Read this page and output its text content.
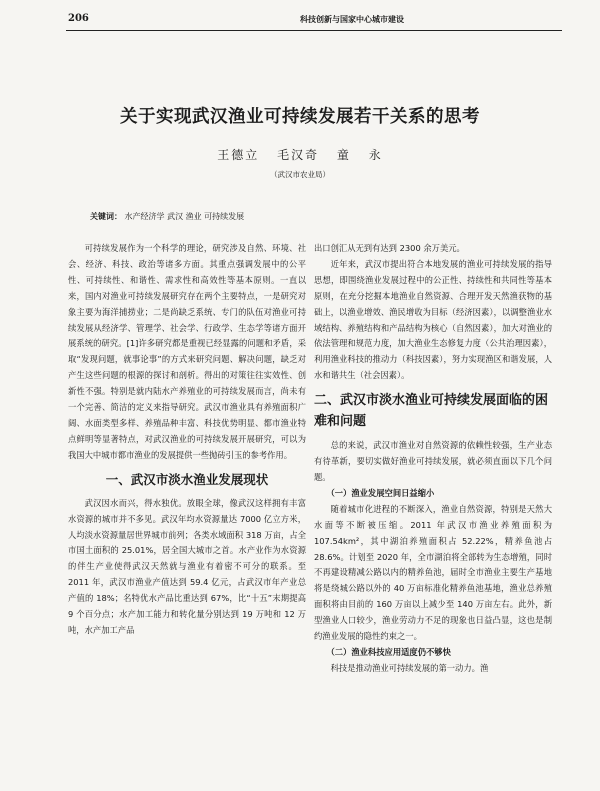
206	科技创新与国家中心城市建设
关于实现武汉渔业可持续发展若干关系的思考
王德立 毛汉奇 童 永
（武汉市农业局）
关键词： 水产经济学 武汉 渔业 可持续发展

可持续发展作为一个科学的理论，研究涉及自然、环境、社会、经济、科技、政治等诸多方面。其重点强调发展中的公平性、可持续性、和谐性、需求性和高效性等基本原则。一直以来，国内对渔业可持续发展研究存在两个主要特点，一是研究对象主要为海洋捕捞业；二是尚缺乏系统、专门的队伍对渔业可持续发展从经济学、管理学、社会学、行政学、生态学等诸方面开展系统的研究。[1]许多研究都是重视已经显露的问题和矛盾，采取“发现问题，就事论事”的方式来研究问题、解决问题，缺乏对产生这些问题的根源的探讨和剖析。得出的对策往往实效性、创新性不强。特别是就内陆水产养殖业的可持续发展而言，尚未有一个完善、简洁的定义来指导研究。武汉市渔业具有养殖面积广阔、水面类型多样、养殖品种丰富、科技优势明显、都市渔业特点鲜明等显著特点，对武汉渔业的可持续发展开展研究，可以为我国大中城市都市渔业的发展提供一些抛砖引玉的参考作用。

一、武汉市淡水渔业发展现状

武汉因水而兴，得水独优。放眼全球，像武汉这样拥有丰富水资源的城市并不多见。武汉年均水资源量达 7000 亿立方米，人均淡水资源量居世界城市前列；各类水域面积 318 万亩，占全市国土面积的 25.01%，居全国大城市之首。水产业作为水资源的伴生产业使得武汉天然就与渔业有着密不可分的联系。至 2011 年，武汉市渔业产值达到 59.4 亿元，占武汉市年产业总产值的 18%；名特优水产品比重达到 67%，比“十五”末期提高 9 个百分点；水产加工能力和转化量分别达到 19 万吨和 12 万吨，水产加工产品

出口创汇从无到有达到 2300 余万美元。

近年来，武汉市提出符合本地发展的渔业可持续发展的指导思想，即围绕渔业发展过程中的公正性、持续性和共同性等基本原则，在充分挖掘本地渔业自然资源、合理开发天然渔获物的基础上，以渔业增效、渔民增收为目标（经济因素），以调整渔业水域结构、养殖结构和产品结构为核心（自然因素），加大对渔业的依法管理和规范力度，加大渔业生态修复力度（公共治理因素），利用渔业科技的推动力（科技因素），努力实现渔区和谐发展，人水和谐共生（社会因素）。

二、武汉市淡水渔业可持续发展面临的困难和问题

总的来说，武汉市渔业对自然资源的依赖性较强，生产业态有待革新，要切实做好渔业可持续发展，就必须直面以下几个问题。

（一）渔业发展空间日益缩小

随着城市化进程的不断深入，渔业自然资源，特别是天然大水面等不断被压缩。2011 年武汉市渔业养殖面积为 107.54km²，其中湖泊养殖面积占 52.22%，精养鱼池占 28.6%。计划至 2020 年，全市湖泊将全部转为生态增殖，同时不再建设精减公路以内的精养鱼池，届时全市渔业主要生产基地将是绕城公路以外的 40 万亩标准化精养鱼池基地，渔业总养殖面积将由目前的 160 万亩以上减少至 140 万亩左右。此外，新型渔业人口较少，渔业劳动力不足的现象也日益凸显，这也是制约渔业发展的隐性约束之一。

（二）渔业科技应用适度仍不够快

科技是推动渔业可持续发展的第一动力。渔
